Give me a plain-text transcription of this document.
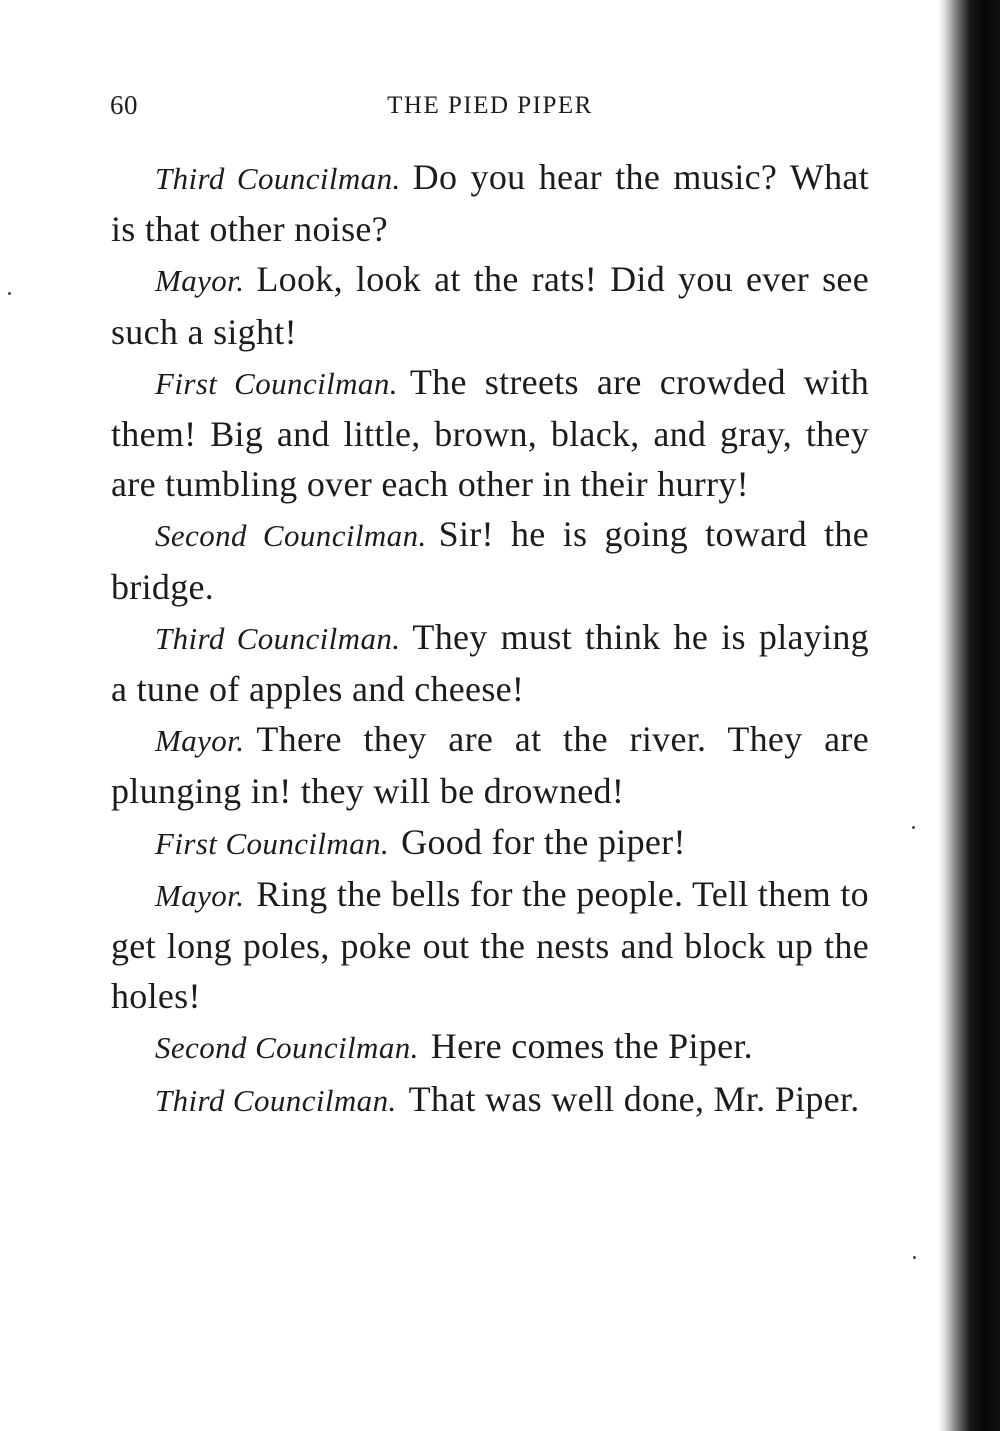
60	THE PIED PIPER

Third Councilman. Do you hear the music? What is that other noise?

Mayor. Look, look at the rats! Did you ever see such a sight!

First Councilman. The streets are crowded with them! Big and little, brown, black, and gray, they are tumbling over each other in their hurry!

Second Councilman. Sir! he is going toward the bridge.

Third Councilman. They must think he is playing a tune of apples and cheese!

Mayor. There they are at the river. They are plunging in! they will be drowned!

First Councilman. Good for the piper!

Mayor. Ring the bells for the people. Tell them to get long poles, poke out the nests and block up the holes!

Second Councilman. Here comes the Piper.

Third Councilman. That was well done, Mr. Piper.
